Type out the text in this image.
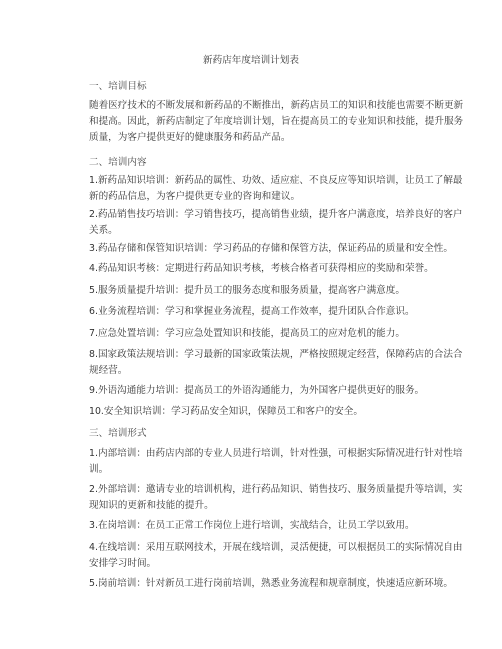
新药店年度培训计划表
一、培训目标
随着医疗技术的不断发展和新药品的不断推出，新药店员工的知识和技能也需要不断更新
和提高。因此，新药店制定了年度培训计划，旨在提高员工的专业知识和技能，提升服务
质量，为客户提供更好的健康服务和药品产品。
二、培训内容
1.新药品知识培训：新药品的属性、功效、适应症、不良反应等知识培训，让员工了解最
新的药品信息，为客户提供更专业的咨询和建议。
2.药品销售技巧培训：学习销售技巧，提高销售业绩，提升客户满意度，培养良好的客户
关系。
3.药品存储和保管知识培训：学习药品的存储和保管方法，保证药品的质量和安全性。
4.药品知识考核：定期进行药品知识考核，考核合格者可获得相应的奖励和荣誉。
5.服务质量提升培训：提升员工的服务态度和服务质量，提高客户满意度。
6.业务流程培训：学习和掌握业务流程，提高工作效率，提升团队合作意识。
7.应急处置培训：学习应急处置知识和技能，提高员工的应对危机的能力。
8.国家政策法规培训：学习最新的国家政策法规，严格按照规定经营，保障药店的合法合
规经营。
9.外语沟通能力培训：提高员工的外语沟通能力，为外国客户提供更好的服务。
10.安全知识培训：学习药品安全知识，保障员工和客户的安全。
三、培训形式
1.内部培训：由药店内部的专业人员进行培训，针对性强，可根据实际情况进行针对性培
训。
2.外部培训：邀请专业的培训机构，进行药品知识、销售技巧、服务质量提升等培训，实
现知识的更新和技能的提升。
3.在岗培训：在员工正常工作岗位上进行培训，实战结合，让员工学以致用。
4.在线培训：采用互联网技术，开展在线培训，灵活便捷，可以根据员工的实际情况自由
安排学习时间。
5.岗前培训：针对新员工进行岗前培训，熟悉业务流程和规章制度，快速适应新环境。
